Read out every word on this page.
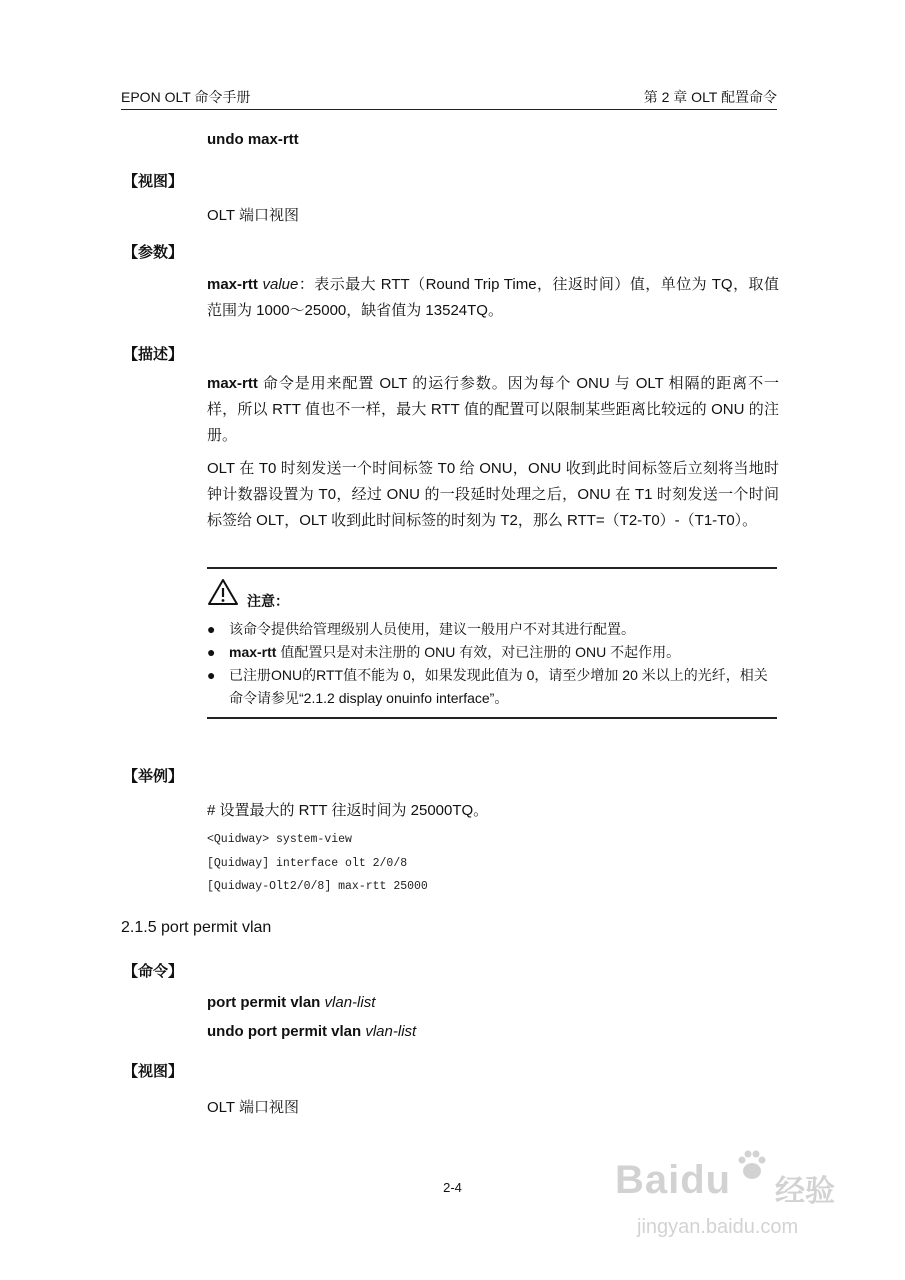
EPON OLT 命令手册	第 2 章 OLT 配置命令
undo max-rtt
【视图】
OLT 端口视图
【参数】
max-rtt value：表示最大 RTT（Round Trip Time，往返时间）值，单位为 TQ，取值范围为 1000～25000，缺省值为 13524TQ。
【描述】
max-rtt 命令是用来配置 OLT 的运行参数。因为每个 ONU 与 OLT 相隔的距离不一样，所以 RTT 值也不一样，最大 RTT 值的配置可以限制某些距离比较远的 ONU 的注册。
OLT 在 T0 时刻发送一个时间标签 T0 给 ONU，ONU 收到此时间标签后立刻将当地时钟计数器设置为 T0，经过 ONU 的一段延时处理之后，ONU 在 T1 时刻发送一个时间标签给 OLT，OLT 收到此时间标签的时刻为 T2，那么 RTT=（T2-T0）-（T1-T0）。
注意：
● 该命令提供给管理级别人员使用，建议一般用户不对其进行配置。
● max-rtt 值配置只是对未注册的 ONU 有效，对已注册的 ONU 不起作用。
● 已注册ONU的RTT值不能为 0，如果发现此值为 0，请至少增加 20 米以上的光纤，相关命令请参见“2.1.2 display onuinfo interface”。
【举例】
# 设置最大的 RTT 往返时间为 25000TQ。
<Quidway> system-view
[Quidway] interface olt 2/0/8
[Quidway-Olt2/0/8] max-rtt 25000
2.1.5 port permit vlan
【命令】
port permit vlan vlan-list
undo port permit vlan vlan-list
【视图】
OLT 端口视图
2-4	Baidu 经验
jingyan.baidu.com
